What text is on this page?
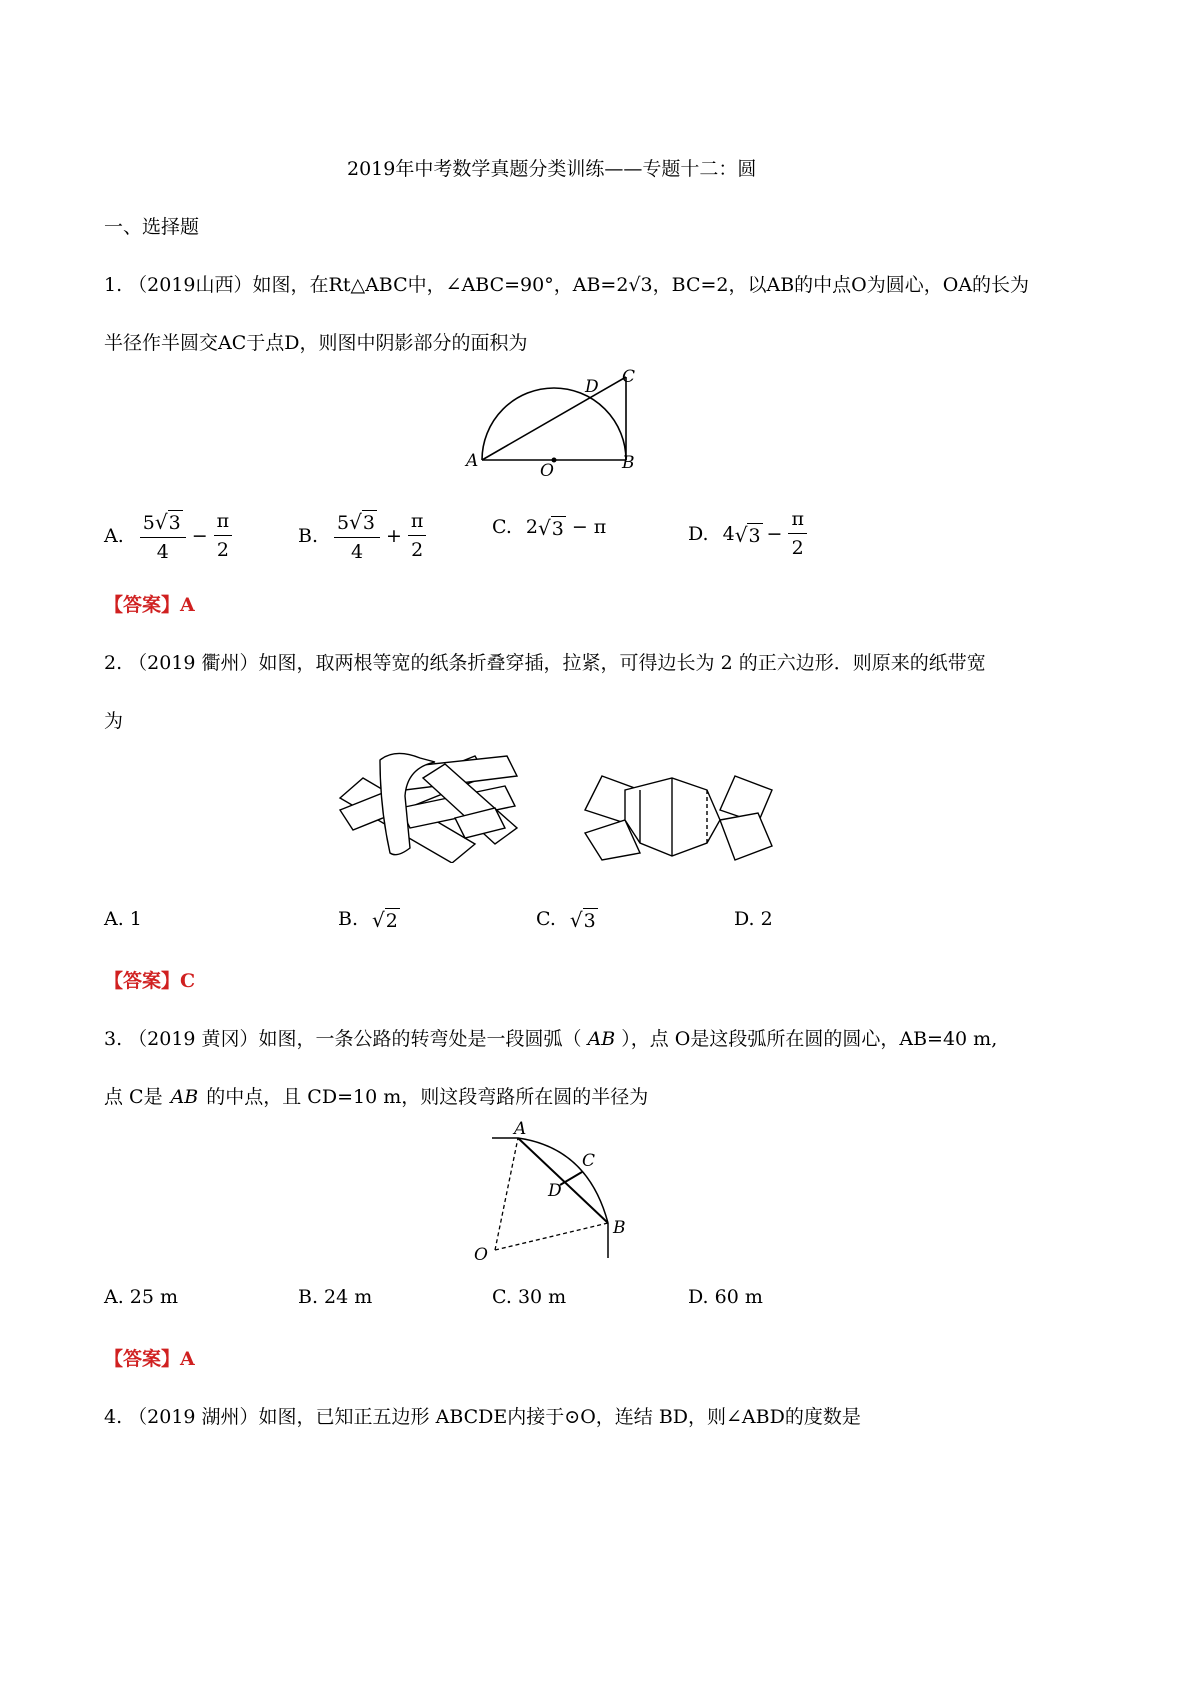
2019年中考数学真题分类训练——专题十二：圆
一、选择题
1. （2019山西）如图，在Rt△ABC中，∠ABC=90°，AB=2√3，BC=2，以AB的中点O为圆心，OA的长为
半径作半圆交AC于点D，则图中阴影部分的面积为
A	O	B
D C
A. $\frac{5 √ 3}{4} - \frac{\pi}{2}$	B. $\frac{5 √ 3}{4} + \frac{\pi}{2}$	C. 2 √ 3 − π	D. 4 √ $3 - \frac{\pi}{2}$
【答案】A
2. （2019 衢州）如图，取两根等宽的纸条折叠穿插，拉紧，可得边长为 2 的正六边形．则原来的纸带宽
为
A. 1	B. √ 2	C. √ 3	D. 2
【答案】C
3. （2019 黄冈）如图，一条公路的转弯处是一段圆弧（ AB ），点 O是这段弧所在圆的圆心，AB=40 m,
点 C是 AB 的中点，且 CD=10 m，则这段弯路所在圆的半径为
A
C
D
B
O
A. 25 m	B. 24 m	C. 30 m	D. 60 m
【答案】A
4. （2019 湖州）如图，已知正五边形 ABCDE内接于⊙O，连结 BD，则∠ABD的度数是
